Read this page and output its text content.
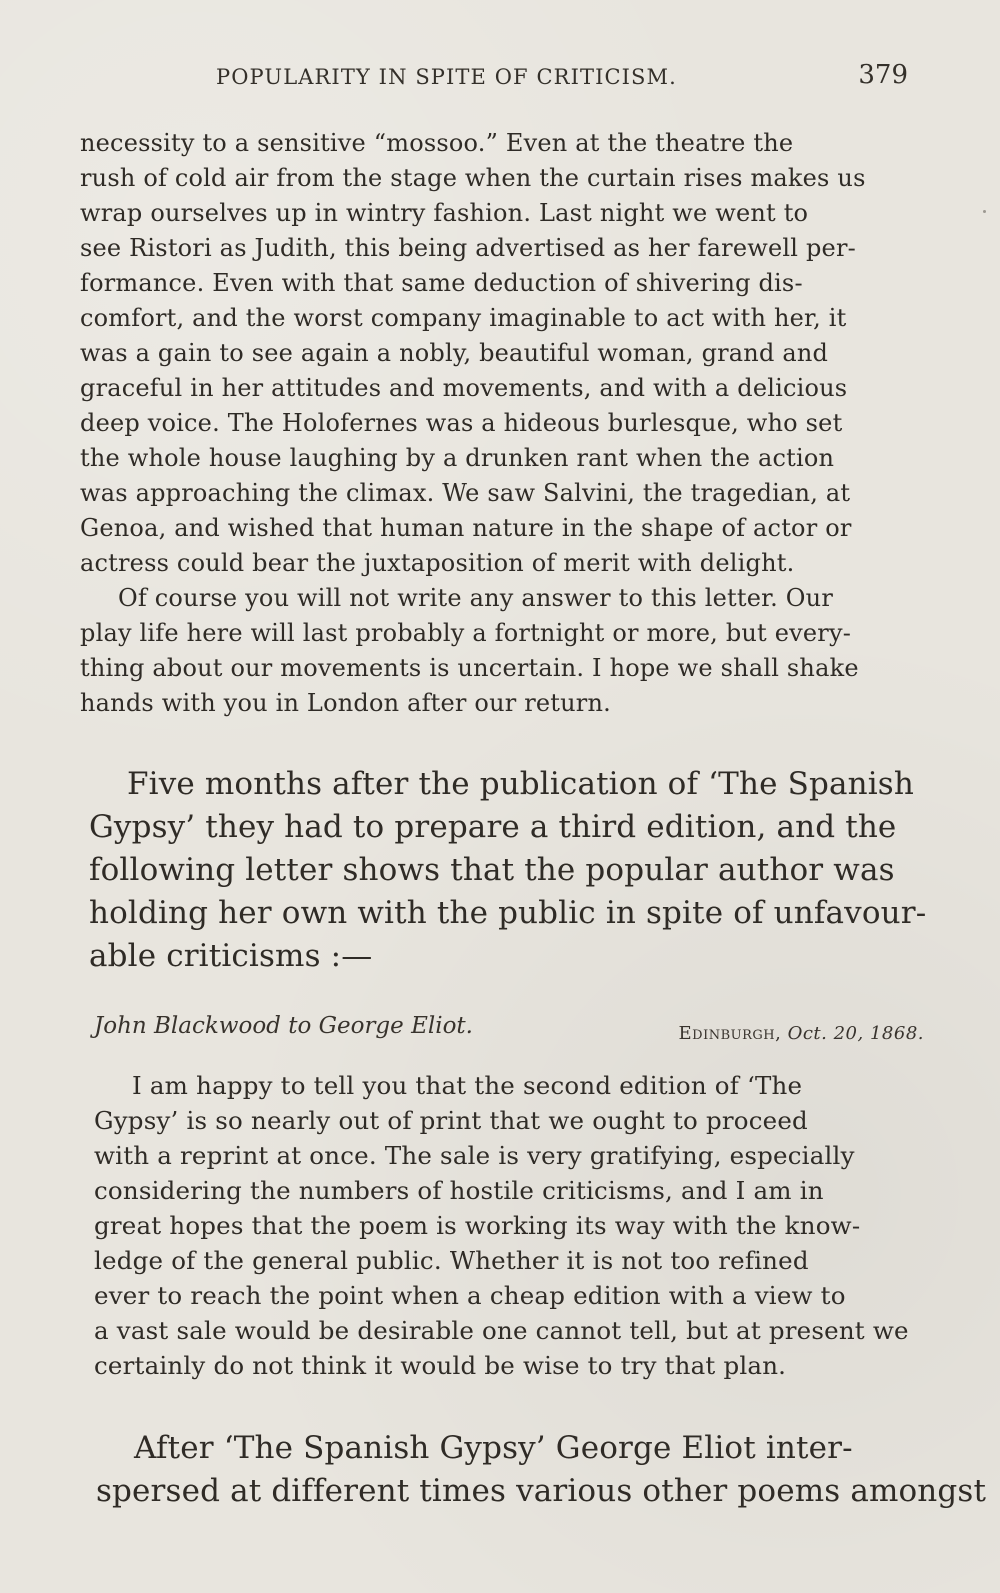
POPULARITY IN SPITE OF CRITICISM.	379
necessity to a sensitive “mossoo.” Even at the theatre the
rush of cold air from the stage when the curtain rises makes us
wrap ourselves up in wintry fashion. Last night we went to
see Ristori as Judith, this being advertised as her farewell per-
formance. Even with that same deduction of shivering dis-
comfort, and the worst company imaginable to act with her, it
was a gain to see again a nobly, beautiful woman, grand and
graceful in her attitudes and movements, and with a delicious
deep voice. The Holofernes was a hideous burlesque, who set
the whole house laughing by a drunken rant when the action
was approaching the climax. We saw Salvini, the tragedian, at
Genoa, and wished that human nature in the shape of actor or
actress could bear the juxtaposition of merit with delight.
Of course you will not write any answer to this letter. Our
play life here will last probably a fortnight or more, but every-
thing about our movements is uncertain. I hope we shall shake
hands with you in London after our return.
Five months after the publication of ‘The Spanish
Gypsy’ they had to prepare a third edition, and the
following letter shows that the popular author was
holding her own with the public in spite of unfavour-
able criticisms :—
John Blackwood to George Eliot.	Edinburgh, Oct. 20, 1868.
I am happy to tell you that the second edition of ‘The
Gypsy’ is so nearly out of print that we ought to proceed
with a reprint at once. The sale is very gratifying, especially
considering the numbers of hostile criticisms, and I am in
great hopes that the poem is working its way with the know-
ledge of the general public. Whether it is not too refined
ever to reach the point when a cheap edition with a view to
a vast sale would be desirable one cannot tell, but at present we
certainly do not think it would be wise to try that plan.
After ‘The Spanish Gypsy’ George Eliot inter-
spersed at different times various other poems amongst
